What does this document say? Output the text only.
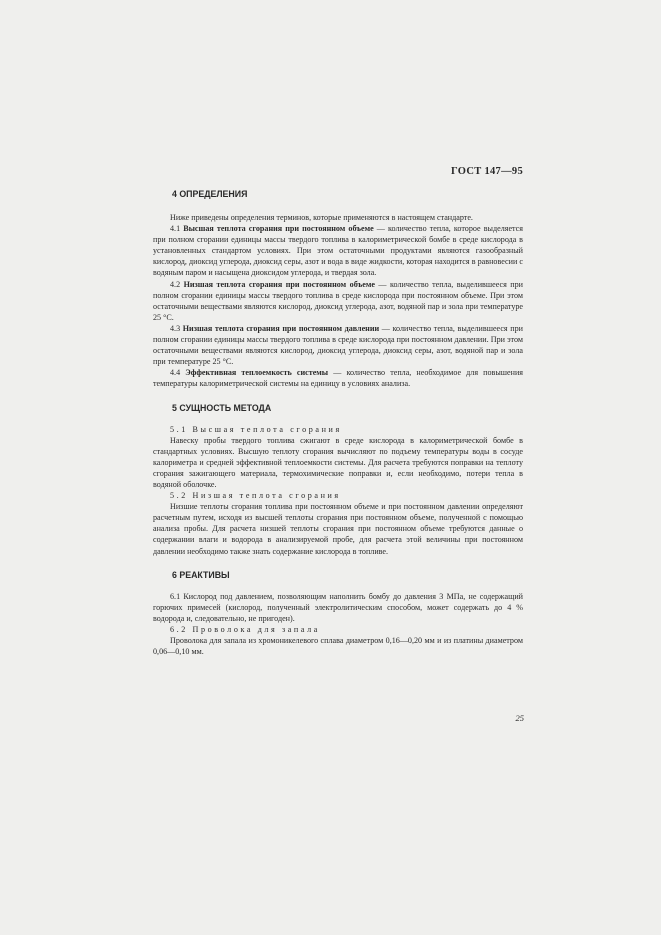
ГОСТ 147—95
4 ОПРЕДЕЛЕНИЯ

Ниже приведены определения терминов, которые применяются в настоящем стандарте.

4.1 Высшая теплота сгорания при постоянном объеме — количество тепла, которое выделяется при полном сгорании единицы массы твердого топлива в калориметрической бомбе в среде кислорода в установленных стандартом условиях. При этом остаточными продуктами являются газообразный кислород, диоксид углерода, диоксид серы, азот и вода в виде жидкости, которая находится в равновесии с водяным паром и насыщена диоксидом углерода, и твердая зола.

4.2 Низшая теплота сгорания при постоянном объеме — количество тепла, выделившееся при полном сгорании единицы массы твердого топлива в среде кислорода при постоянном объеме. При этом остаточными веществами являются кислород, диоксид углерода, азот, водяной пар и зола при температуре 25 °С.

4.3 Низшая теплота сгорания при постоянном давлении — количество тепла, выделившееся при полном сгорании единицы массы твердого топлива в среде кислорода при постоянном давлении. При этом остаточными веществами являются кислород, диоксид углерода, диоксид серы, азот, водяной пар и зола при температуре 25 °С.

4.4 Эффективная теплоемкость системы — количество тепла, необходимое для повышения температуры калориметрической системы на единицу в условиях анализа.

5 СУЩНОСТЬ МЕТОДА

5.1 Высшая теплота сгорания

Навеску пробы твердого топлива сжигают в среде кислорода в калориметрической бомбе в стандартных условиях. Высшую теплоту сгорания вычисляют по подъему температуры воды в сосуде калориметра и средней эффективной теплоемкости системы. Для расчета требуются поправки на теплоту сгорания зажигающего материала, термохимические поправки и, если необходимо, потери тепла в водяной оболочке.

5.2 Низшая теплота сгорания

Низшие теплоты сгорания топлива при постоянном объеме и при постоянном давлении определяют расчетным путем, исходя из высшей теплоты сгорания при постоянном объеме, полученной с помощью анализа пробы. Для расчета низшей теплоты сгорания при постоянном объеме требуются данные о содержании влаги и водорода в анализируемой пробе, для расчета этой величины при постоянном давлении необходимо также знать содержание кислорода в топливе.

6 РЕАКТИВЫ

6.1 Кислород под давлением, позволяющим наполнить бомбу до давления 3 МПа, не содержащий горючих примесей (кислород, полученный электролитическим способом, может содержать до 4 % водорода и, следовательно, не пригоден).

6.2 Проволока для запала

Проволока для запала из хромоникелевого сплава диаметром 0,16—0,20 мм и из платины диаметром 0,06—0,10 мм.

25
